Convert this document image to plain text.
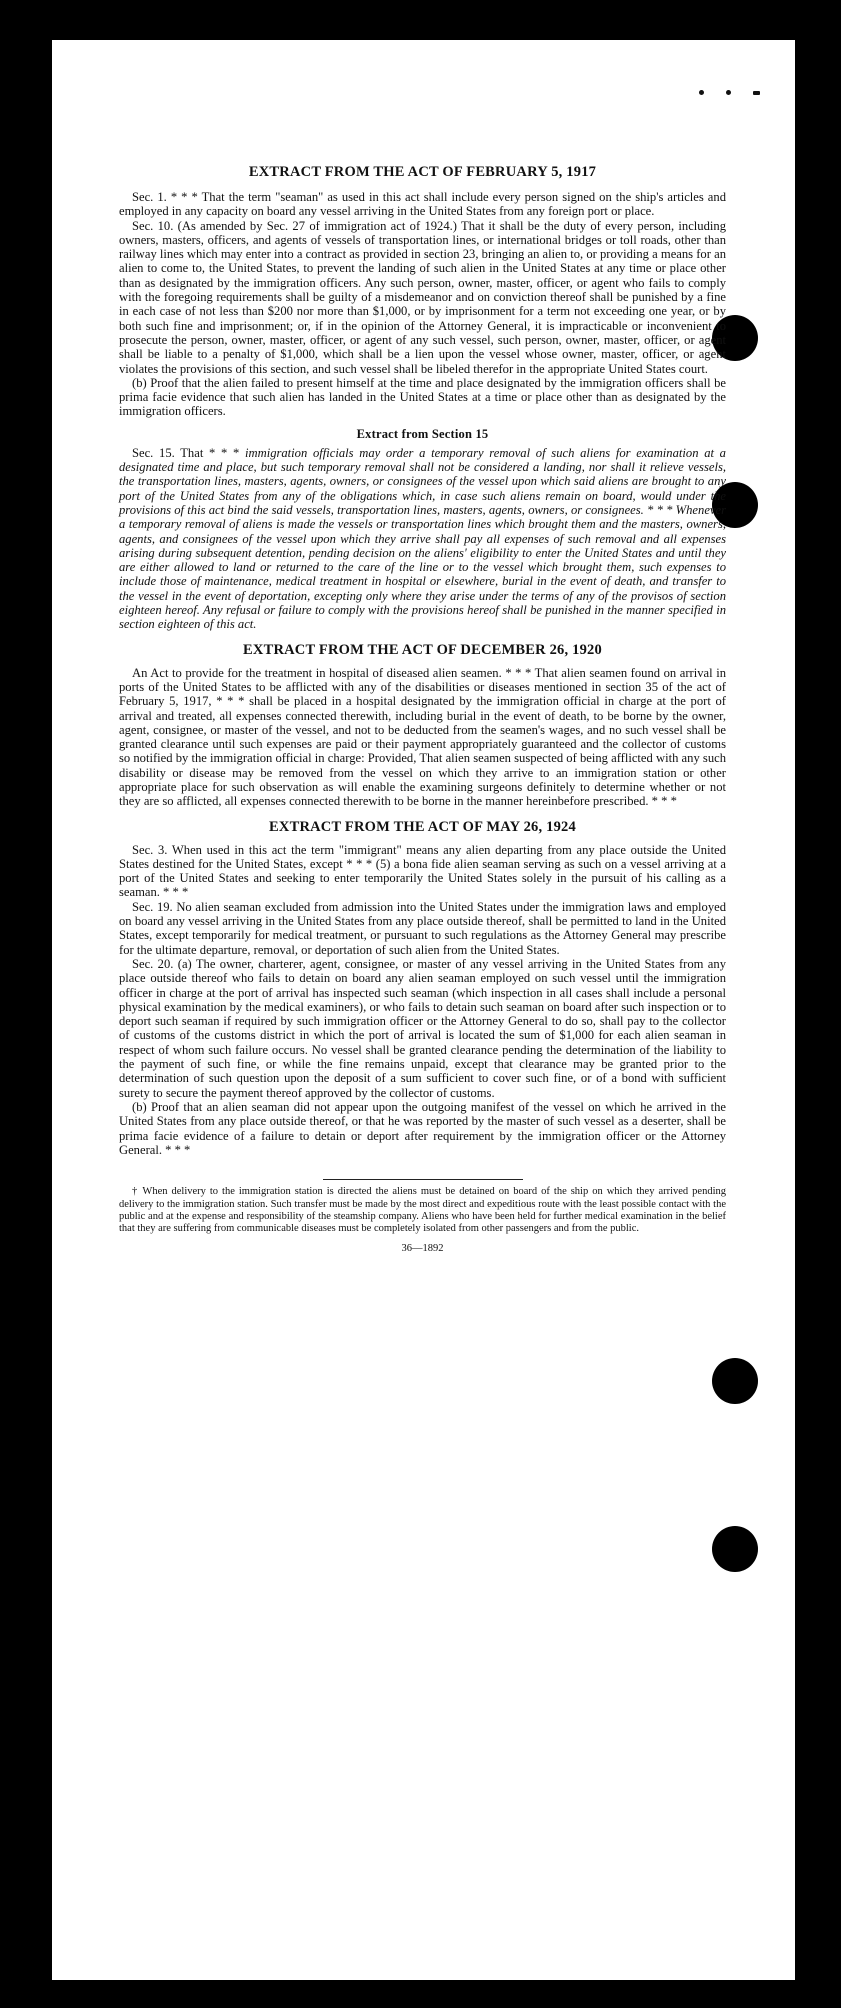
EXTRACT FROM THE ACT OF FEBRUARY 5, 1917

Sec. 1. * * * That the term "seaman" as used in this act shall include every person signed on the ship's articles and employed in any capacity on board any vessel arriving in the United States from any foreign port or place.

Sec. 10. (As amended by Sec. 27 of immigration act of 1924.) That it shall be the duty of every person, including owners, masters, officers, and agents of vessels of transportation lines, or international bridges or toll roads, other than railway lines which may enter into a contract as provided in section 23, bringing an alien to, or providing a means for an alien to come to, the United States, to prevent the landing of such alien in the United States at any time or place other than as designated by the immigration officers. Any such person, owner, master, officer, or agent who fails to comply with the foregoing requirements shall be guilty of a misdemeanor and on conviction thereof shall be punished by a fine in each case of not less than $200 nor more than $1,000, or by imprisonment for a term not exceeding one year, or by both such fine and imprisonment; or, if in the opinion of the Attorney General, it is impracticable or inconvenient to prosecute the person, owner, master, officer, or agent of any such vessel, such person, owner, master, officer, or agent shall be liable to a penalty of $1,000, which shall be a lien upon the vessel whose owner, master, officer, or agent violates the provisions of this section, and such vessel shall be libeled therefor in the appropriate United States court.

(b) Proof that the alien failed to present himself at the time and place designated by the immigration officers shall be prima facie evidence that such alien has landed in the United States at a time or place other than as designated by the immigration officers.

Extract from Section 15

Sec. 15. That * * * immigration officials may order a temporary removal of such aliens for examination at a designated time and place, but such temporary removal shall not be considered a landing, nor shall it relieve vessels, the transportation lines, masters, agents, owners, or consignees of the vessel upon which said aliens are brought to any port of the United States from any of the obligations which, in case such aliens remain on board, would under the provisions of this act bind the said vessels, transportation lines, masters, agents, owners, or consignees. * * * Whenever a temporary removal of aliens is made the vessels or transportation lines which brought them and the masters, owners, agents, and consignees of the vessel upon which they arrive shall pay all expenses of such removal and all expenses arising during subsequent detention, pending decision on the aliens' eligibility to enter the United States and until they are either allowed to land or returned to the care of the line or to the vessel which brought them, such expenses to include those of maintenance, medical treatment in hospital or elsewhere, burial in the event of death, and transfer to the vessel in the event of deportation, excepting only where they arise under the terms of any of the provisos of section eighteen hereof. Any refusal or failure to comply with the provisions hereof shall be punished in the manner specified in section eighteen of this act.

EXTRACT FROM THE ACT OF DECEMBER 26, 1920

An Act to provide for the treatment in hospital of diseased alien seamen. * * * That alien seamen found on arrival in ports of the United States to be afflicted with any of the disabilities or diseases mentioned in section 35 of the act of February 5, 1917, * * * shall be placed in a hospital designated by the immigration official in charge at the port of arrival and treated, all expenses connected therewith, including burial in the event of death, to be borne by the owner, agent, consignee, or master of the vessel, and not to be deducted from the seamen's wages, and no such vessel shall be granted clearance until such expenses are paid or their payment appropriately guaranteed and the collector of customs so notified by the immigration official in charge: Provided, That alien seamen suspected of being afflicted with any such disability or disease may be removed from the vessel on which they arrive to an immigration station or other appropriate place for such observation as will enable the examining surgeons definitely to determine whether or not they are so afflicted, all expenses connected therewith to be borne in the manner hereinbefore prescribed. * * *

EXTRACT FROM THE ACT OF MAY 26, 1924

Sec. 3. When used in this act the term "immigrant" means any alien departing from any place outside the United States destined for the United States, except * * * (5) a bona fide alien seaman serving as such on a vessel arriving at a port of the United States and seeking to enter temporarily the United States solely in the pursuit of his calling as a seaman. * * *

Sec. 19. No alien seaman excluded from admission into the United States under the immigration laws and employed on board any vessel arriving in the United States from any place outside thereof, shall be permitted to land in the United States, except temporarily for medical treatment, or pursuant to such regulations as the Attorney General may prescribe for the ultimate departure, removal, or deportation of such alien from the United States.

Sec. 20. (a) The owner, charterer, agent, consignee, or master of any vessel arriving in the United States from any place outside thereof who fails to detain on board any alien seaman employed on such vessel until the immigration officer in charge at the port of arrival has inspected such seaman (which inspection in all cases shall include a personal physical examination by the medical examiners), or who fails to detain such seaman on board after such inspection or to deport such seaman if required by such immigration officer or the Attorney General to do so, shall pay to the collector of customs of the customs district in which the port of arrival is located the sum of $1,000 for each alien seaman in respect of whom such failure occurs. No vessel shall be granted clearance pending the determination of the liability to the payment of such fine, or while the fine remains unpaid, except that clearance may be granted prior to the determination of such question upon the deposit of a sum sufficient to cover such fine, or of a bond with sufficient surety to secure the payment thereof approved by the collector of customs.

(b) Proof that an alien seaman did not appear upon the outgoing manifest of the vessel on which he arrived in the United States from any place outside thereof, or that he was reported by the master of such vessel as a deserter, shall be prima facie evidence of a failure to detain or deport after requirement by the immigration officer or the Attorney General. * * *

† When delivery to the immigration station is directed the aliens must be detained on board of the ship on which they arrived pending delivery to the immigration station. Such transfer must be made by the most direct and expeditious route with the least possible contact with the public and at the expense and responsibility of the steamship company. Aliens who have been held for further medical examination in the belief that they are suffering from communicable diseases must be completely isolated from other passengers and from the public.

36—1892
